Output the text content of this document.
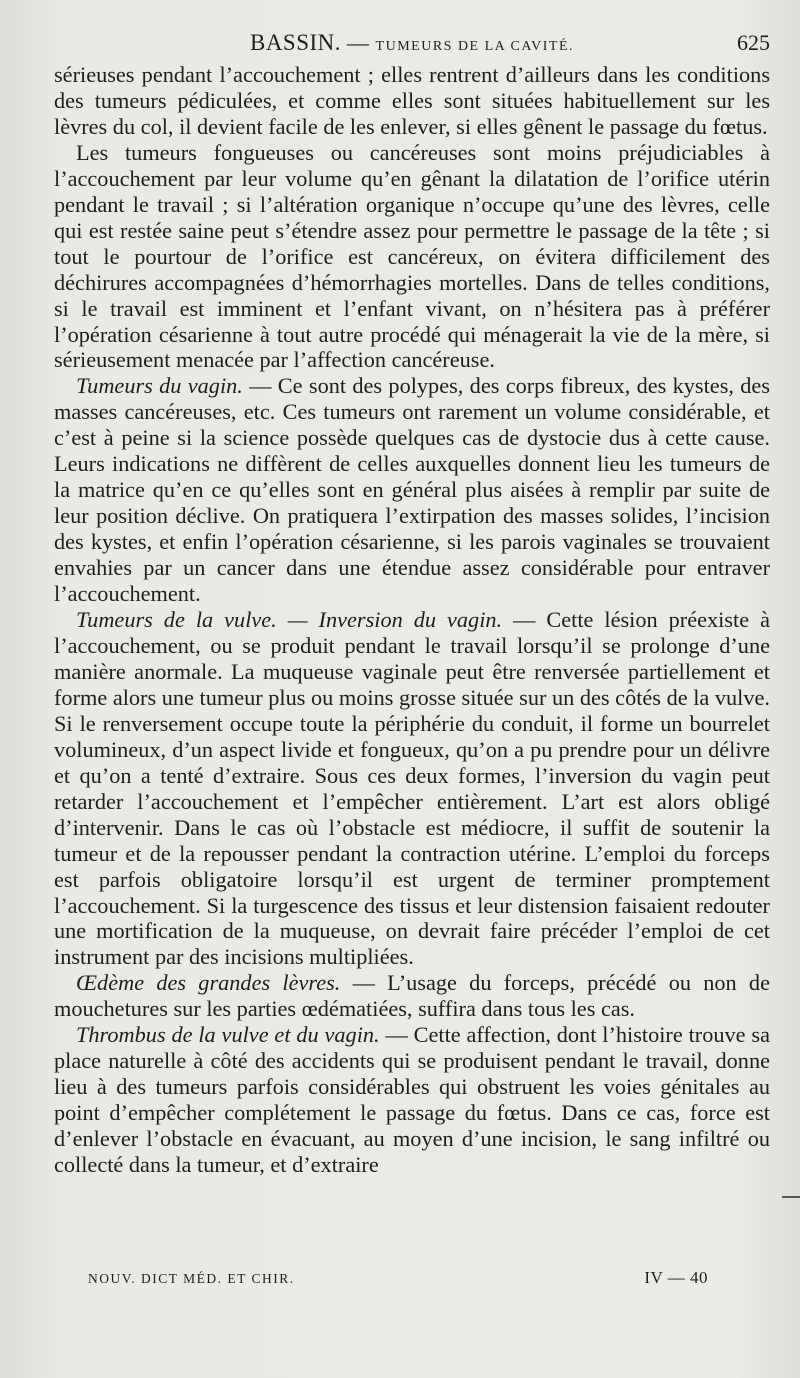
BASSIN. — TUMEURS DE LA CAVITÉ.	625

sérieuses pendant l’accouchement ; elles rentrent d’ailleurs dans les conditions des tumeurs pédiculées, et comme elles sont situées habituellement sur les lèvres du col, il devient facile de les enlever, si elles gênent le passage du fœtus.

Les tumeurs fongueuses ou cancéreuses sont moins préjudiciables à l’accouchement par leur volume qu’en gênant la dilatation de l’orifice utérin pendant le travail ; si l’altération organique n’occupe qu’une des lèvres, celle qui est restée saine peut s’étendre assez pour permettre le passage de la tête ; si tout le pourtour de l’orifice est cancéreux, on évitera difficilement des déchirures accompagnées d’hémorrhagies mortelles. Dans de telles conditions, si le travail est imminent et l’enfant vivant, on n’hésitera pas à préférer l’opération césarienne à tout autre procédé qui ménagerait la vie de la mère, si sérieusement menacée par l’affection cancéreuse.

Tumeurs du vagin. — Ce sont des polypes, des corps fibreux, des kystes, des masses cancéreuses, etc. Ces tumeurs ont rarement un volume considérable, et c’est à peine si la science possède quelques cas de dystocie dus à cette cause. Leurs indications ne diffèrent de celles auxquelles donnent lieu les tumeurs de la matrice qu’en ce qu’elles sont en général plus aisées à remplir par suite de leur position déclive. On pratiquera l’extirpation des masses solides, l’incision des kystes, et enfin l’opération césarienne, si les parois vaginales se trouvaient envahies par un cancer dans une étendue assez considérable pour entraver l’accouchement.

Tumeurs de la vulve. — Inversion du vagin. — Cette lésion préexiste à l’accouchement, ou se produit pendant le travail lorsqu’il se prolonge d’une manière anormale. La muqueuse vaginale peut être renversée partiellement et forme alors une tumeur plus ou moins grosse située sur un des côtés de la vulve. Si le renversement occupe toute la périphérie du conduit, il forme un bourrelet volumineux, d’un aspect livide et fongueux, qu’on a pu prendre pour un délivre et qu’on a tenté d’extraire. Sous ces deux formes, l’inversion du vagin peut retarder l’accouchement et l’empêcher entièrement. L’art est alors obligé d’intervenir. Dans le cas où l’obstacle est médiocre, il suffit de soutenir la tumeur et de la repousser pendant la contraction utérine. L’emploi du forceps est parfois obligatoire lorsqu’il est urgent de terminer promptement l’accouchement. Si la turgescence des tissus et leur distension faisaient redouter une mortification de la muqueuse, on devrait faire précéder l’emploi de cet instrument par des incisions multipliées.

Œdème des grandes lèvres. — L’usage du forceps, précédé ou non de mouchetures sur les parties œdématiées, suffira dans tous les cas.

Thrombus de la vulve et du vagin. — Cette affection, dont l’histoire trouve sa place naturelle à côté des accidents qui se produisent pendant le travail, donne lieu à des tumeurs parfois considérables qui obstruent les voies génitales au point d’empêcher complétement le passage du fœtus. Dans ce cas, force est d’enlever l’obstacle en évacuant, au moyen d’une incision, le sang infiltré ou collecté dans la tumeur, et d’extraire

NOUV. DICT MÉD. ET CHIR.	IV — 40
